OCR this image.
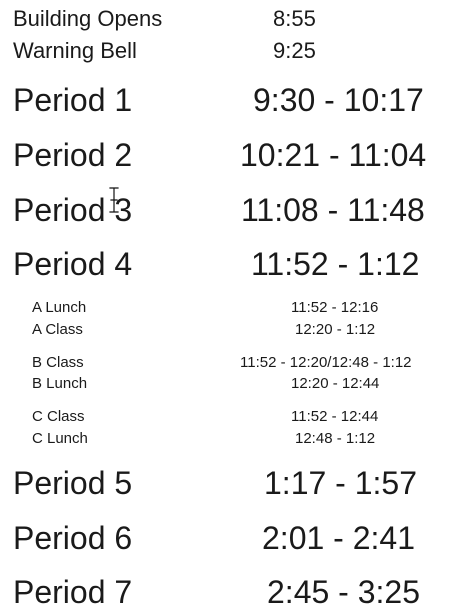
Building Opens	8:55
Warning Bell	9:25
Period 1	9:30 - 10:17
Period 2	10:21 - 11:04
Period 3	11:08 - 11:48
Period 4	11:52 - 1:12
A Lunch	11:52 - 12:16
A Class	12:20 - 1:12
B Class	11:52 - 12:20/12:48 - 1:12
B Lunch	12:20 - 12:44
C Class	11:52 - 12:44
C Lunch	12:48 - 1:12
Period 5	1:17 - 1:57
Period 6	2:01 - 2:41
Period 7	2:45 - 3:25
